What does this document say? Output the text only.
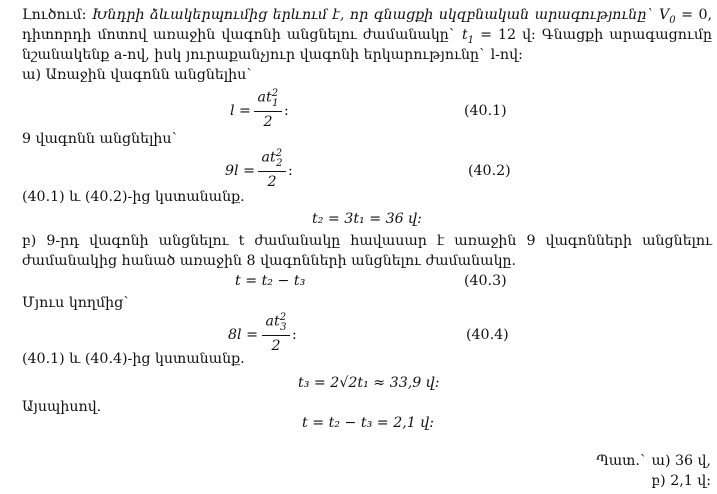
Լուծում: Խնդրի ձևակերպումից երևում է, որ գնացքի սկզբնական արագությունը` $V_0 = 0$,
դիտորդի մոտով առաջին վագոնի անցնելու ժամանակը` $t_1 = 12$ վ: Գնացքի արագացումը
նշանակենք a-ով, իսկ յուրաքանչյուր վագոնի երկարությունը` l-ով:
ա) Առաջին վագոնն անցնելիս`
$l = \frac{at^2_1}{2}$ :	(40.1)
9 վագոնն անցնելիս`
$9l = \frac{at^2_2}{2}$ :	(40.2)
(40.1) և (40.2)-ից կստանանք.
t₂ = 3t₁ = 36 վ:
բ) 9-րդ վագոնի անցնելու t ժամանակը հավասար է առաջին 9 վագոնների անցնելու
ժամանակից հանած առաջին 8 վագոնների անցնելու ժամանակը.
t = t₂ − t₃	(40.3)
Մյուս կողմից`
$8l = \frac{at^2_3}{2}$ :	(40.4)
(40.1) և (40.4)-ից կստանանք.
t₃ = 2√2t₁ ≈ 33,9 վ:
Այսպիսով.
t = t₂ − t₃ = 2,1 վ:
Պատ.` ա) 36 վ,
բ) 2,1 վ:
